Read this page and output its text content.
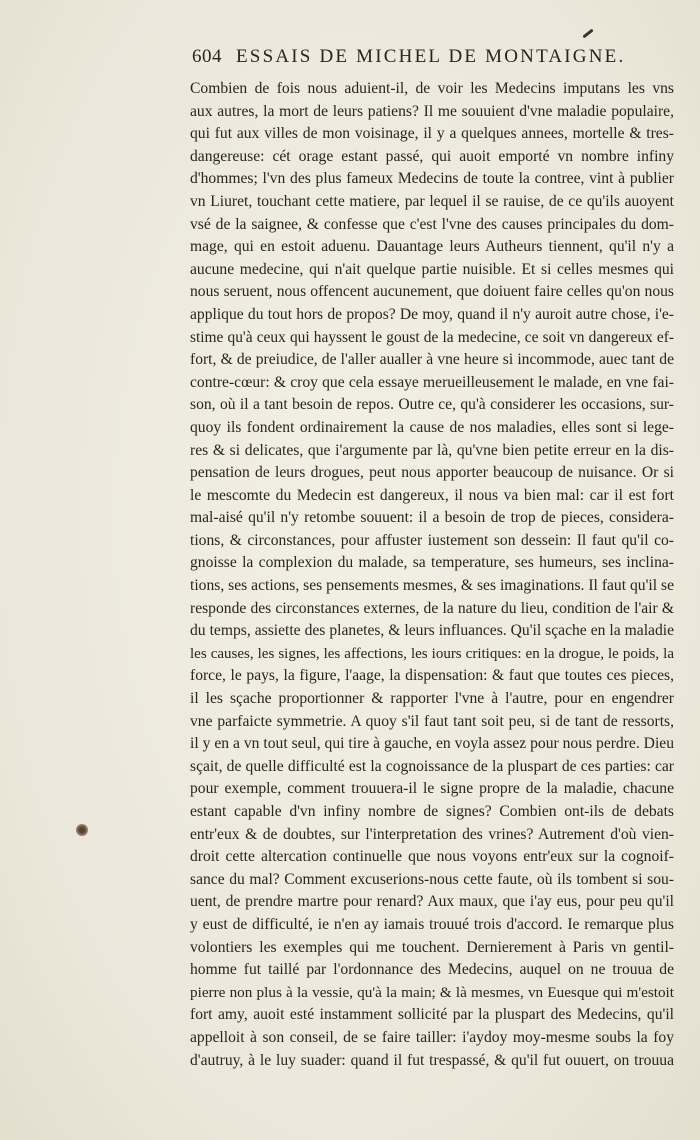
604 ESSAIS DE MICHEL DE MONTAIGNE.
Combien de fois nous aduient-il, de voir les Medecins imputans les vns
aux autres, la mort de leurs patiens? Il me souuient d'vne maladie populaire,
qui fut aux villes de mon voisinage, il y a quelques annees, mortelle & tres-
dangereuse: cét orage estant passé, qui auoit emporté vn nombre infiny
d'hommes; l'vn des plus fameux Medecins de toute la contree, vint à publier
vn Liuret, touchant cette matiere, par lequel il se rauise, de ce qu'ils auoyent
vsé de la saignee, & confesse que c'est l'vne des causes principales du dom-
mage, qui en estoit aduenu. Dauantage leurs Autheurs tiennent, qu'il n'y a
aucune medecine, qui n'ait quelque partie nuisible. Et si celles mesmes qui
nous seruent, nous offencent aucunement, que doiuent faire celles qu'on nous
applique du tout hors de propos? De moy, quand il n'y auroit autre chose, i'e-
stime qu'à ceux qui hayssent le goust de la medecine, ce soit vn dangereux ef-
fort, & de preiudice, de l'aller aualler à vne heure si incommode, auec tant de
contre-cœur: & croy que cela essaye merueilleusement le malade, en vne fai-
son, où il a tant besoin de repos. Outre ce, qu'à considerer les occasions, sur-
quoy ils fondent ordinairement la cause de nos maladies, elles sont si lege-
res & si delicates, que i'argumente par là, qu'vne bien petite erreur en la dis-
pensation de leurs drogues, peut nous apporter beaucoup de nuisance. Or si
le mescomte du Medecin est dangereux, il nous va bien mal: car il est fort
mal-aisé qu'il n'y retombe souuent: il a besoin de trop de pieces, considera-
tions, & circonstances, pour affuster iustement son dessein: Il faut qu'il co-
gnoisse la complexion du malade, sa temperature, ses humeurs, ses inclina-
tions, ses actions, ses pensements mesmes, & ses imaginations. Il faut qu'il se
responde des circonstances externes, de la nature du lieu, condition de l'air &
du temps, assiette des planetes, & leurs influances. Qu'il sçache en la maladie
les causes, les signes, les affections, les iours critiques: en la drogue, le poids, la
force, le pays, la figure, l'aage, la dispensation: & faut que toutes ces pieces,
il les sçache proportionner & rapporter l'vne à l'autre, pour en engendrer
vne parfaicte symmetrie. A quoy s'il faut tant soit peu, si de tant de ressorts,
il y en a vn tout seul, qui tire à gauche, en voyla assez pour nous perdre. Dieu
sçait, de quelle difficulté est la cognoissance de la pluspart de ces parties: car
pour exemple, comment trouuera-il le signe propre de la maladie, chacune
estant capable d'vn infiny nombre de signes? Combien ont-ils de debats
entr'eux & de doubtes, sur l'interpretation des vrines? Autrement d'où vien-
droit cette altercation continuelle que nous voyons entr'eux sur la cognoif-
sance du mal? Comment excuserions-nous cette faute, où ils tombent si sou-
uent, de prendre martre pour renard? Aux maux, que i'ay eus, pour peu qu'il
y eust de difficulté, ie n'en ay iamais trouué trois d'accord. Ie remarque plus
volontiers les exemples qui me touchent. Dernierement à Paris vn gentil-
homme fut taillé par l'ordonnance des Medecins, auquel on ne trouua de
pierre non plus à la vessie, qu'à la main; & là mesmes, vn Euesque qui m'estoit
fort amy, auoit esté instamment sollicité par la pluspart des Medecins, qu'il
appelloit à son conseil, de se faire tailler: i'aydoy moy-mesme soubs la foy
d'autruy, à le luy suader: quand il fut trespassé, & qu'il fut ouuert, on trouua
